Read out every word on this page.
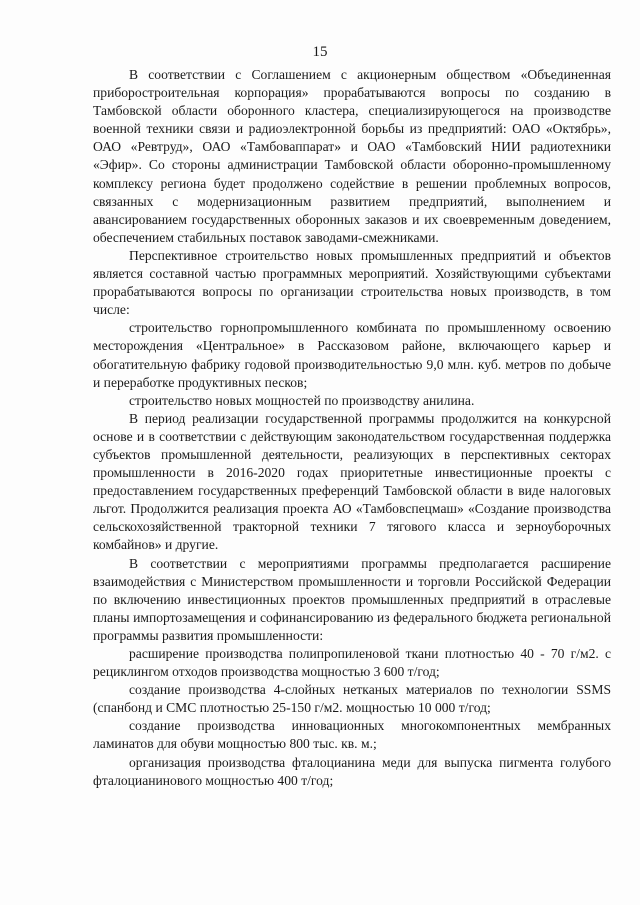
15

В соответствии с Соглашением с акционерным обществом «Объединенная приборостроительная корпорация» прорабатываются вопросы по созданию в Тамбовской области оборонного кластера, специализирующегося на производстве военной техники связи и радиоэлектронной борьбы из предприятий: ОАО «Октябрь», ОАО «Ревтруд», ОАО «Тамбоваппарат» и ОАО «Тамбовский НИИ радиотехники «Эфир». Со стороны администрации Тамбовской области оборонно-промышленному комплексу региона будет продолжено содействие в решении проблемных вопросов, связанных с модернизационным развитием предприятий, выполнением и авансированием государственных оборонных заказов и их своевременным доведением, обеспечением стабильных поставок заводами-смежниками.

Перспективное строительство новых промышленных предприятий и объектов является составной частью программных мероприятий. Хозяйствующими субъектами прорабатываются вопросы по организации строительства новых производств, в том числе:

строительство горнопромышленного комбината по промышленному освоению месторождения «Центральное» в Рассказовом районе, включающего карьер и обогатительную фабрику годовой производительностью 9,0 млн. куб. метров по добыче и переработке продуктивных песков;

строительство новых мощностей по производству анилина.

В период реализации государственной программы продолжится на конкурсной основе и в соответствии с действующим законодательством государственная поддержка субъектов промышленной деятельности, реализующих в перспективных секторах промышленности в 2016-2020 годах приоритетные инвестиционные проекты с предоставлением государственных преференций Тамбовской области в виде налоговых льгот. Продолжится реализация проекта АО «Тамбовспецмаш» «Создание производства сельскохозяйственной тракторной техники 7 тягового класса и зерноуборочных комбайнов» и другие.

В соответствии с мероприятиями программы предполагается расширение взаимодействия с Министерством промышленности и торговли Российской Федерации по включению инвестиционных проектов промышленных предприятий в отраслевые планы импортозамещения и софинансированию из федерального бюджета региональной программы развития промышленности:

расширение производства полипропиленовой ткани плотностью 40 - 70 г/м2. с рециклингом отходов производства мощностью 3 600 т/год;

создание производства 4-слойных нетканых материалов по технологии SSMS (спанбонд и СМС плотностью 25-150 г/м2. мощностью 10 000 т/год;

создание производства инновационных многокомпонентных мембранных ламинатов для обуви мощностью 800 тыс. кв. м.;

организация производства фталоцианина меди для выпуска пигмента голубого фталоцианинового мощностью 400 т/год;
